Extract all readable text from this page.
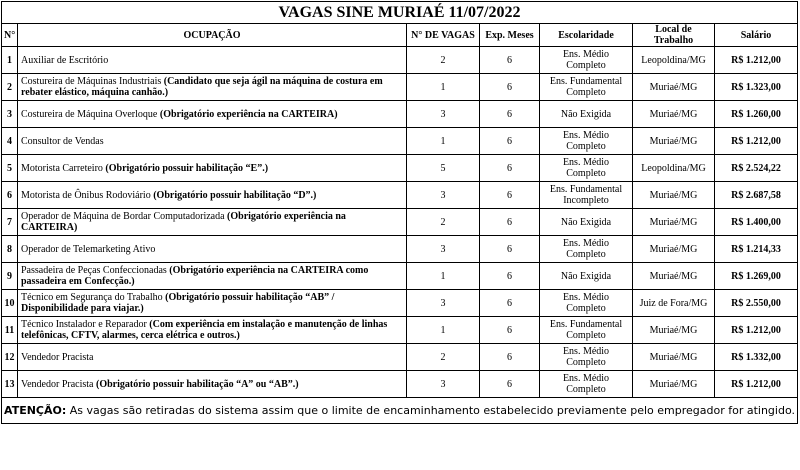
VAGAS SINE MURIAÉ 11/07/2022						
N°	OCUPAÇÃO	N° DE VAGAS	Exp. Meses	Escolaridade	Local de Trabalho	Salário
1	Auxiliar de Escritório	2	6	Ens. Médio Completo	Leopoldina/MG	R$ 1.212,00
2	Costureira de Máquinas Industriais (Candidato que seja ágil na máquina de costura em rebater elástico, máquina canhão.)	1	6	Ens. Fundamental Completo	Muriaé/MG	R$ 1.323,00
3	Costureira de Máquina Overloque (Obrigatório experiência na CARTEIRA)	3	6	Não Exigida	Muriaé/MG	R$ 1.260,00
4	Consultor de Vendas	1	6	Ens. Médio Completo	Muriaé/MG	R$ 1.212,00
5	Motorista Carreteiro (Obrigatório possuir habilitação “E”.)	5	6	Ens. Médio Completo	Leopoldina/MG	R$ 2.524,22
6	Motorista de Ônibus Rodoviário (Obrigatório possuir habilitação “D”.)	3	6	Ens. Fundamental Incompleto	Muriaé/MG	R$ 2.687,58
7	Operador de Máquina de Bordar Computadorizada (Obrigatório experiência na CARTEIRA)	2	6	Não Exigida	Muriaé/MG	R$ 1.400,00
8	Operador de Telemarketing Ativo	3	6	Ens. Médio Completo	Muriaé/MG	R$ 1.214,33
9	Passadeira de Peças Confeccionadas (Obrigatório experiência na CARTEIRA como passadeira em Confecção.)	1	6	Não Exigida	Muriaé/MG	R$ 1.269,00
10	Técnico em Segurança do Trabalho (Obrigatório possuir habilitação “AB” / Disponibilidade para viajar.)	3	6	Ens. Médio Completo	Juiz de Fora/MG	R$ 2.550,00
11	Técnico Instalador e Reparador (Com experiência em instalação e manutenção de linhas telefônicas, CFTV, alarmes, cerca elétrica e outros.)	1	6	Ens. Fundamental Completo	Muriaé/MG	R$ 1.212,00
12	Vendedor Pracista	2	6	Ens. Médio Completo	Muriaé/MG	R$ 1.332,00
13	Vendedor Pracista (Obrigatório possuir habilitação “A” ou “AB”.)	3	6	Ens. Médio Completo	Muriaé/MG	R$ 1.212,00
ATENÇÃO: As vagas são retiradas do sistema assim que o limite de encaminhamento estabelecido previamente pelo empregador for atingido.						
